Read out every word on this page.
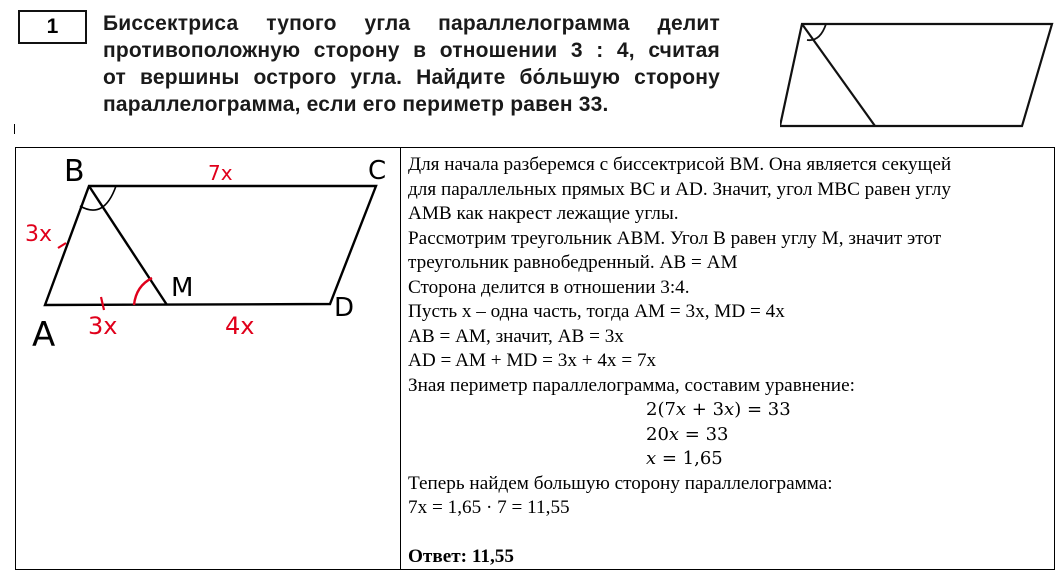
1 Биссектриса тупого угла параллелограмма делит
противоположную сторону в отношении 3 : 4, считая
от вершины острого угла. Найдите бо́льшую сторону
параллелограмма, если его периметр равен 33.
B	C
A
D
M
7x
3x
3x	4x
Для начала разберемся с биссектрисой ВМ. Она является секущей
для параллельных прямых ВС и AD. Значит, угол МВС равен углу
АМВ как накрест лежащие углы.
Рассмотрим треугольник АВМ. Угол В равен углу М, значит этот
треугольник равнобедренный. АВ = АМ
Сторона делится в отношении 3:4.
Пусть х – одна часть, тогда АМ = 3х, MD = 4x
АВ = АМ, значит, АВ = 3х
AD = AM + MD = 3x + 4x = 7x
Зная периметр параллелограмма, составим уравнение:
2(7𝑥 + 3𝑥) = 33
20𝑥 = 33
𝑥 = 1,65
Теперь найдем большую сторону параллелограмма:
7х = 1,65 · 7 = 11,55
Ответ: 11,55
